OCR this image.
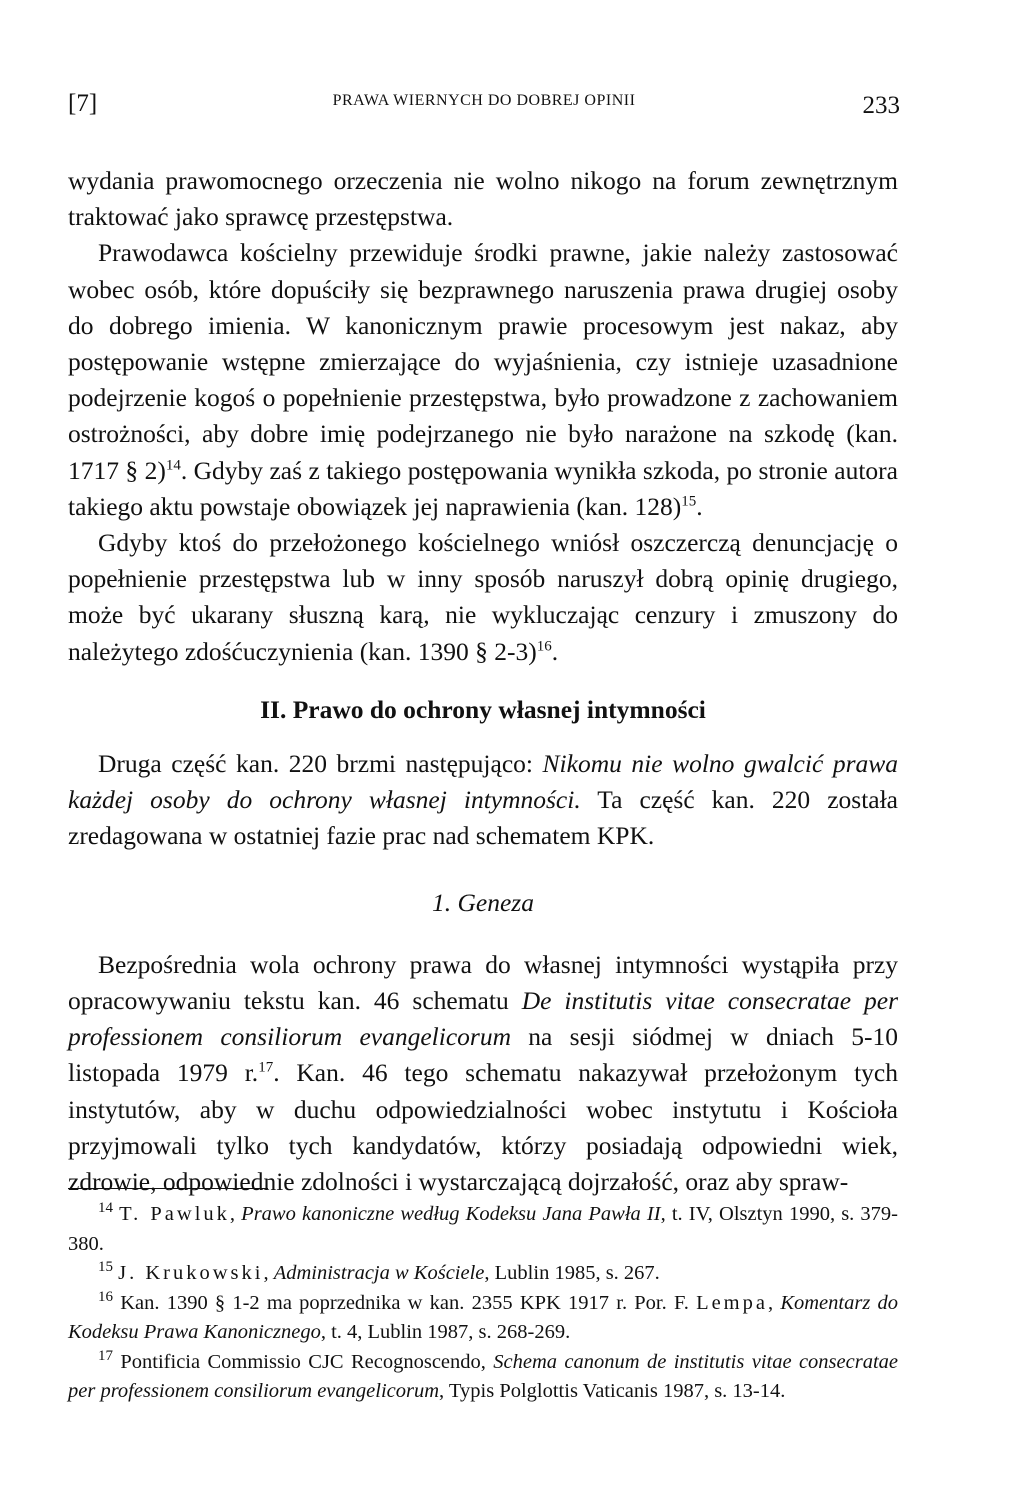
[7]	PRAWA WIERNYCH DO DOBREJ OPINII	233

wydania prawomocnego orzeczenia nie wolno nikogo na forum zewnętrznym traktować jako sprawcę przestępstwa.

Prawodawca kościelny przewiduje środki prawne, jakie należy zastosować wobec osób, które dopuściły się bezprawnego naruszenia prawa drugiej osoby do dobrego imienia. W kanonicznym prawie procesowym jest nakaz, aby postępowanie wstępne zmierzające do wyjaśnienia, czy istnieje uzasadnione podejrzenie kogoś o popełnienie przestępstwa, było prowadzone z zachowaniem ostrożności, aby dobre imię podejrzanego nie było narażone na szkodę (kan. 1717 § 2)$^{14}$. Gdyby zaś z takiego postępowania wynikła szkoda, po stronie autora takiego aktu powstaje obowiązek jej naprawienia (kan. 128)$^{15}$.

Gdyby ktoś do przełożonego kościelnego wniósł oszczerczą denuncjację o popełnienie przestępstwa lub w inny sposób naruszył dobrą opinię drugiego, może być ukarany słuszną karą, nie wykluczając cenzury i zmuszony do należytego zdośćuczynienia (kan. 1390 § 2-3)$^{16}$.

II. Prawo do ochrony własnej intymności

Druga część kan. 220 brzmi następująco: Nikomu nie wolno gwalcić prawa każdej osoby do ochrony własnej intymności. Ta część kan. 220 została zredagowana w ostatniej fazie prac nad schematem KPK.

1. Geneza

Bezpośrednia wola ochrony prawa do własnej intymności wystąpiła przy opracowywaniu tekstu kan. 46 schematu De institutis vitae consecratae per professionem consiliorum evangelicorum na sesji siódmej w dniach 5-10 listopada 1979 r.$^{17}$. Kan. 46 tego schematu nakazywał przełożonym tych instytutów, aby w duchu odpowiedzialności wobec instytutu i Kościoła przyjmowali tylko tych kandydatów, którzy posiadają odpowiedni wiek, zdrowie, odpowiednie zdolności i wystarczającą dojrzałość, oraz aby spraw-

$^{14}$ T. Pawluk, Prawo kanoniczne według Kodeksu Jana Pawła II, t. IV, Olsztyn 1990, s. 379-380.

$^{15}$ J. Krukowski, Administracja w Kościele, Lublin 1985, s. 267.

$^{16}$ Kan. 1390 § 1-2 ma poprzednika w kan. 2355 KPK 1917 r. Por. F. Lempa, Komentarz do Kodeksu Prawa Kanonicznego, t. 4, Lublin 1987, s. 268-269.

$^{17}$ Pontificia Commissio CJC Recognoscendo, Schema canonum de institutis vitae consecratae per professionem consiliorum evangelicorum, Typis Polglottis Vaticanis 1987, s. 13-14.
